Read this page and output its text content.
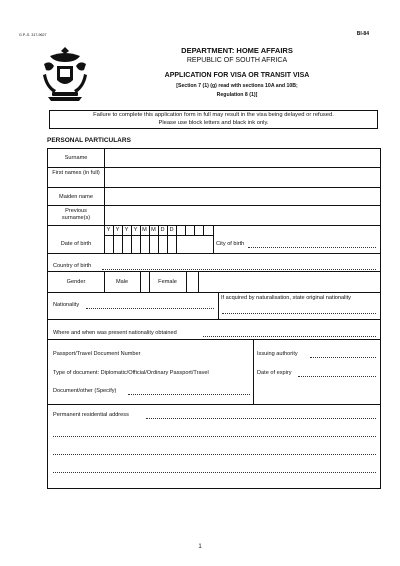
G.P.-S. 317-9627	BI-84
DEPARTMENT: HOME AFFAIRS
REPUBLIC OF SOUTH AFRICA
APPLICATION FOR VISA OR TRANSIT VISA
[Section 7 (1) (g) read with sections 10A and 10B;
Regulation 8 (1)]
Failure to complete this application form in full may result in the visa being delayed or refused.
Please use block letters and black ink only.
PERSONAL PARTICULARS
Surname
First names (in full)
Maiden name
Previous surname(s)
Y Y Y Y M M D D
Date of birth	City of birth
Country of birth
Gender	Male	Female
Nationality
If acquired by naturalisation, state original nationality
Where and when was present nationality obtained
Passport/Travel Document Number	Issuing authority
Type of document: Diplomatic/Official/Ordinary Passport/Travel	Date of expiry
Document/other (Specify)
Permanent residential address
1
